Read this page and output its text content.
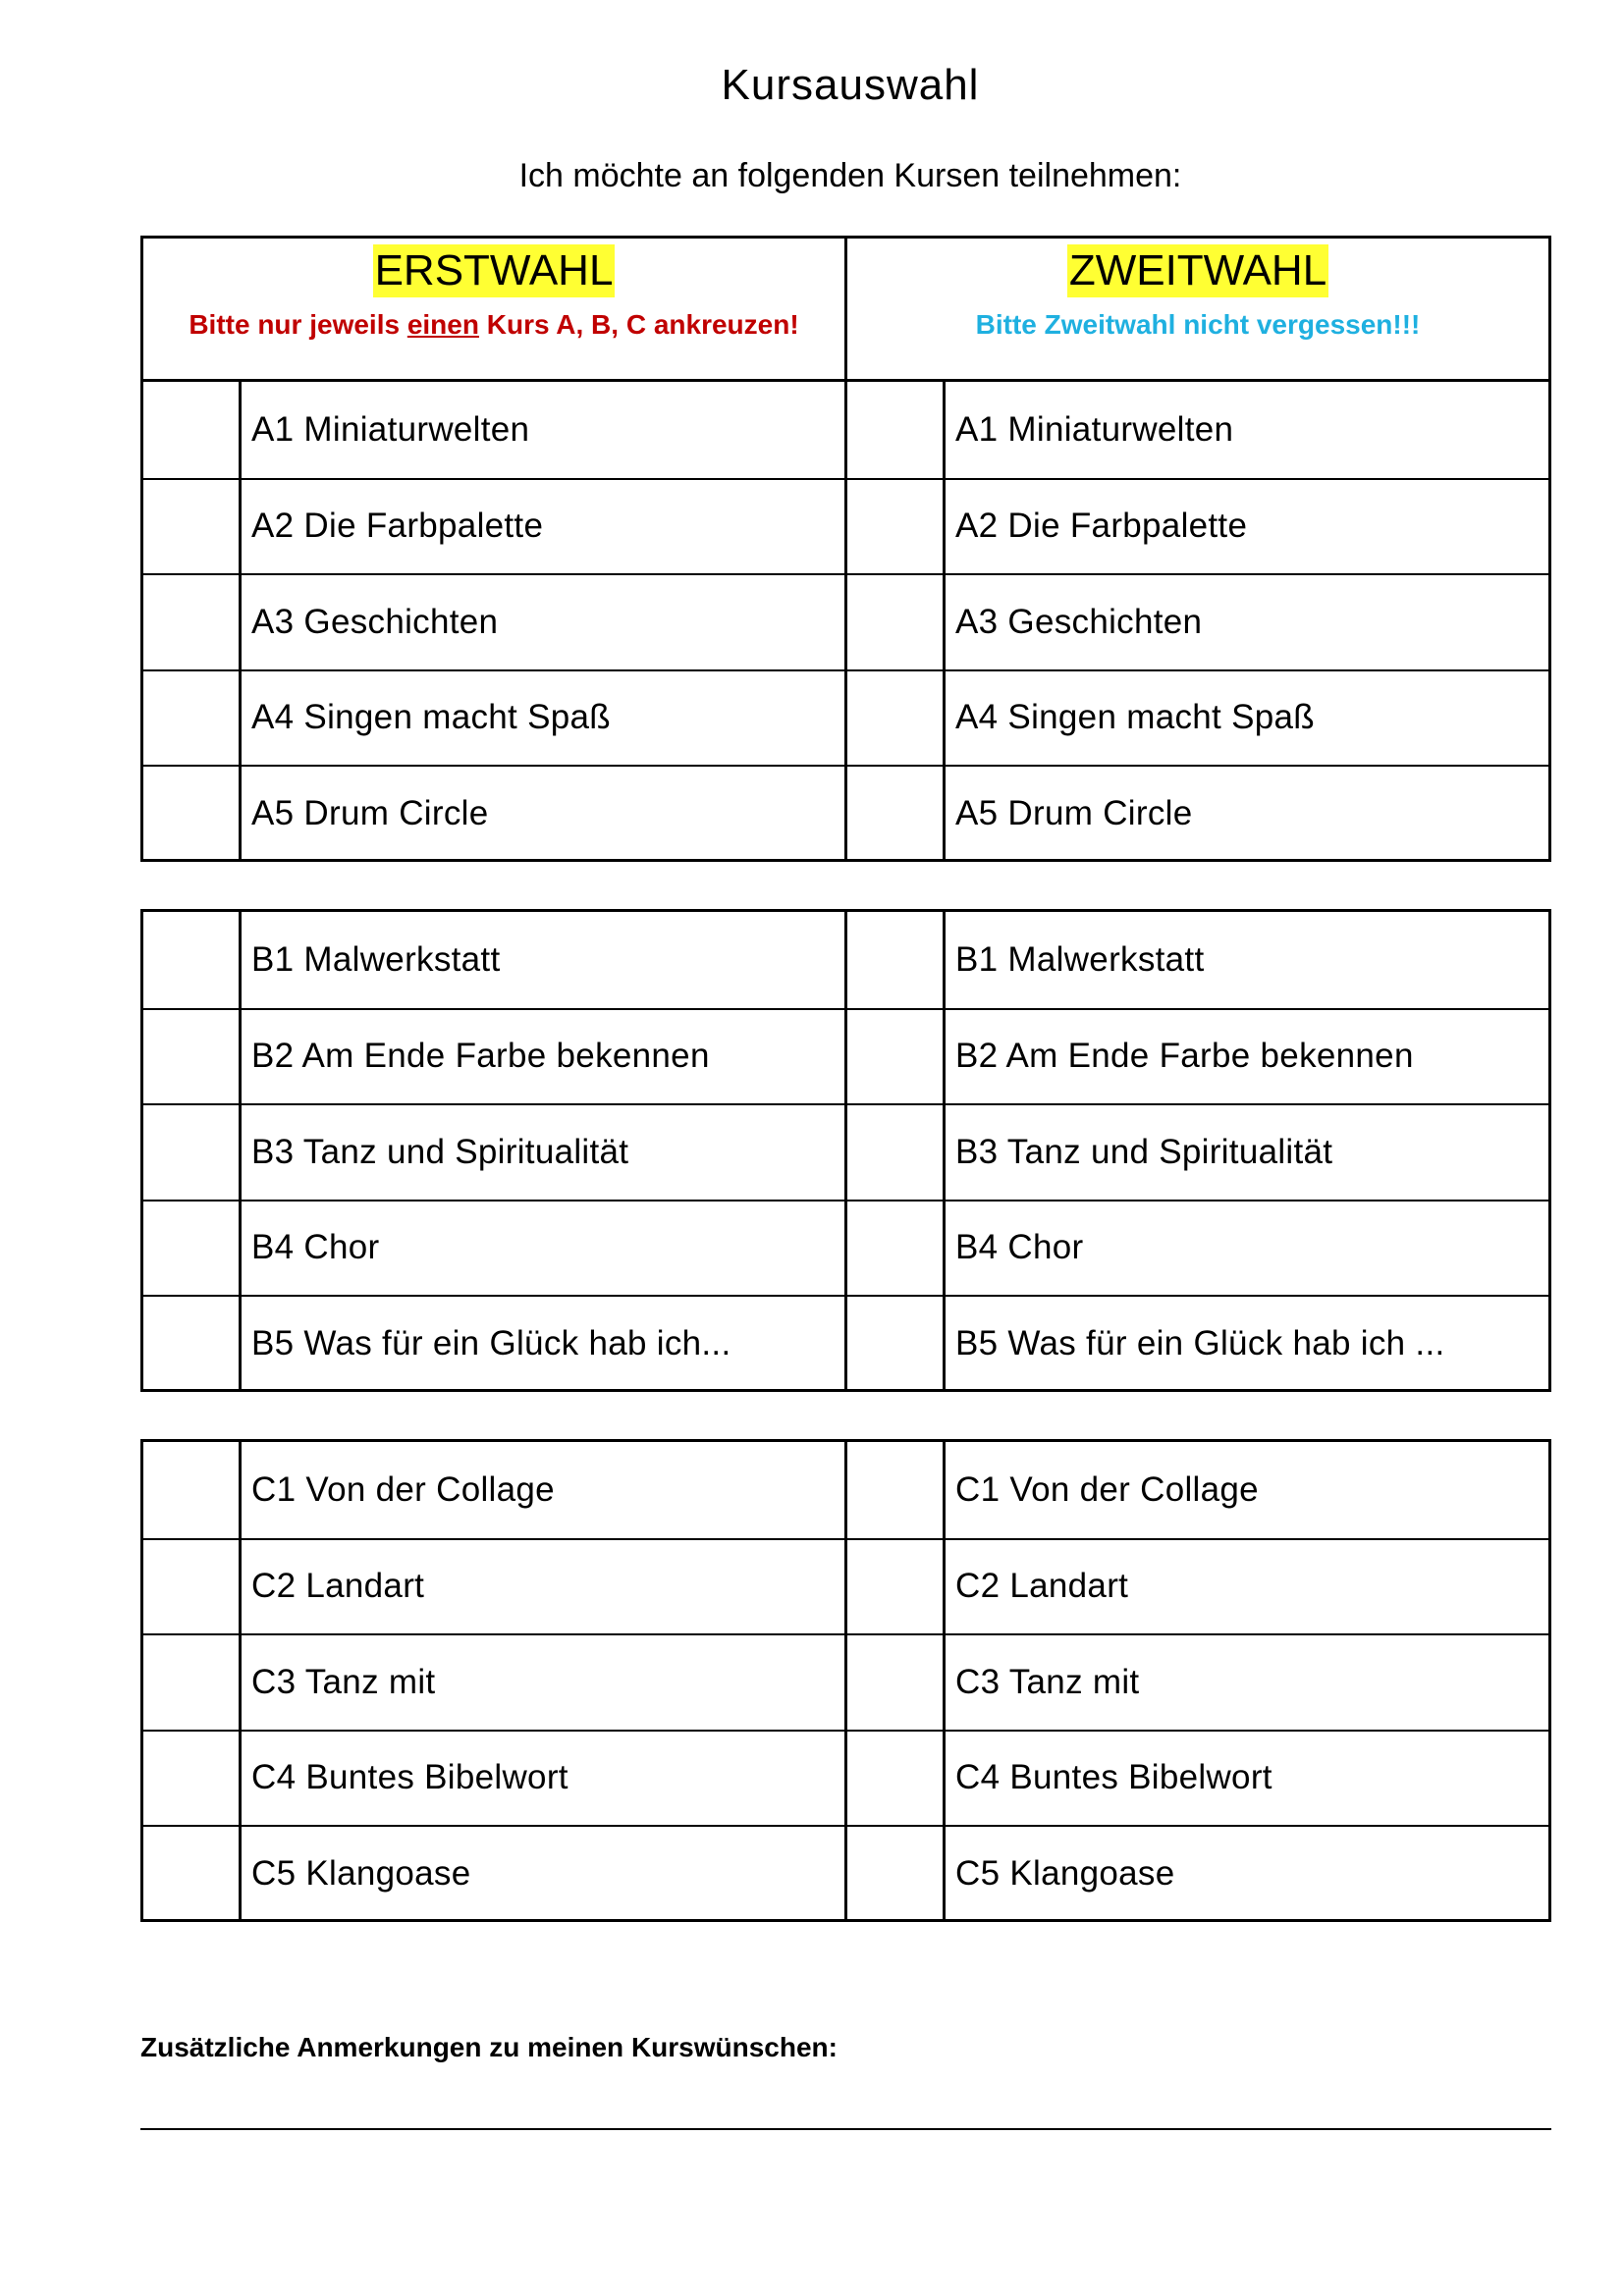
Kursauswahl
Ich möchte an folgenden Kursen teilnehmen:
ERSTWAHL
Bitte nur jeweils einen Kurs A, B, C ankreuzen!
ZWEITWAHL
Bitte Zweitwahl nicht vergessen!!!
A1 Miniaturwelten	A1 Miniaturwelten
A2 Die Farbpalette	A2 Die Farbpalette
A3 Geschichten	A3 Geschichten
A4 Singen macht Spaß	A4 Singen macht Spaß
A5 Drum Circle	A5 Drum Circle
B1 Malwerkstatt	B1 Malwerkstatt
B2 Am Ende Farbe bekennen	B2 Am Ende Farbe bekennen
B3 Tanz und Spiritualität	B3 Tanz und Spiritualität
B4 Chor	B4 Chor
B5 Was für ein Glück hab ich...	B5 Was für ein Glück hab ich ...
C1 Von der Collage	C1 Von der Collage
C2 Landart	C2 Landart
C3 Tanz mit	C3 Tanz mit
C4 Buntes Bibelwort	C4 Buntes Bibelwort
C5 Klangoase	C5 Klangoase
Zusätzliche Anmerkungen zu meinen Kurswünschen:
